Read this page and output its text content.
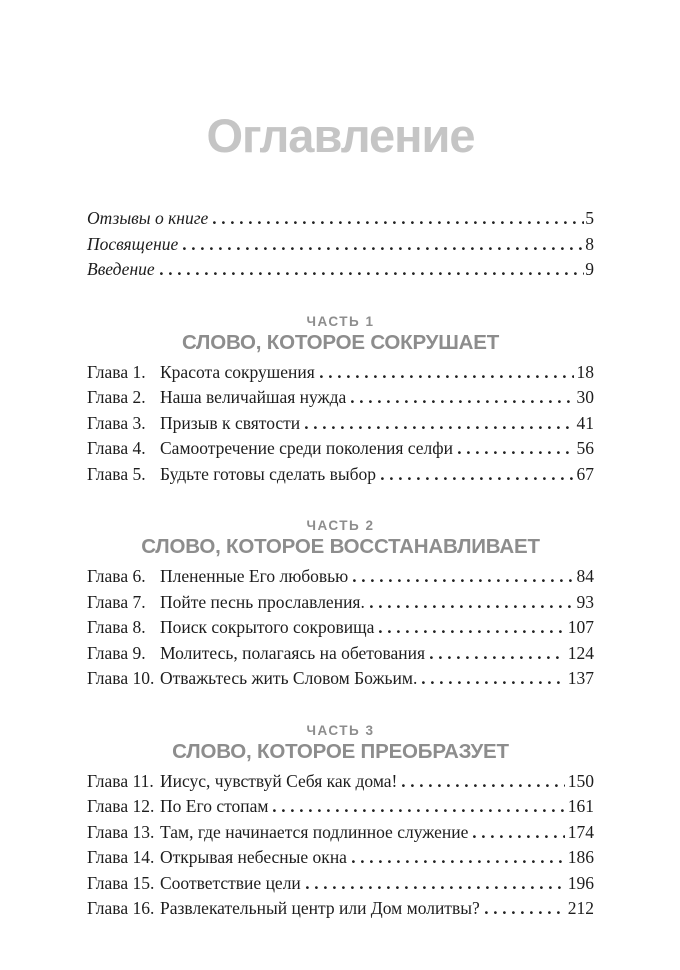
Оглавление
Отзывы о книге	5
Посвящение	8
Введение	9
ЧАСТЬ 1
СЛОВО, КОТОРОЕ СОКРУШАЕТ
Глава 1. Красота сокрушения	18
Глава 2. Наша величайшая нужда	30
Глава 3. Призыв к святости	41
Глава 4. Самоотречение среди поколения селфи	56
Глава 5. Будьте готовы сделать выбор	67
ЧАСТЬ 2
СЛОВО, КОТОРОЕ ВОССТАНАВЛИВАЕТ
Глава 6. Плененные Его любовью	84
Глава 7. Пойте песнь прославления.	93
Глава 8. Поиск сокрытого сокровища	107
Глава 9. Молитесь, полагаясь на обетования	124
Глава 10. Отважьтесь жить Словом Божьим.	137
ЧАСТЬ 3
СЛОВО, КОТОРОЕ ПРЕОБРАЗУЕТ
Глава 11. Иисус, чувствуй Себя как дома!	150
Глава 12. По Его стопам	161
Глава 13. Там, где начинается подлинное служение	174
Глава 14. Открывая небесные окна	186
Глава 15. Соответствие цели	196
Глава 16. Развлекательный центр или Дом молитвы?	212
